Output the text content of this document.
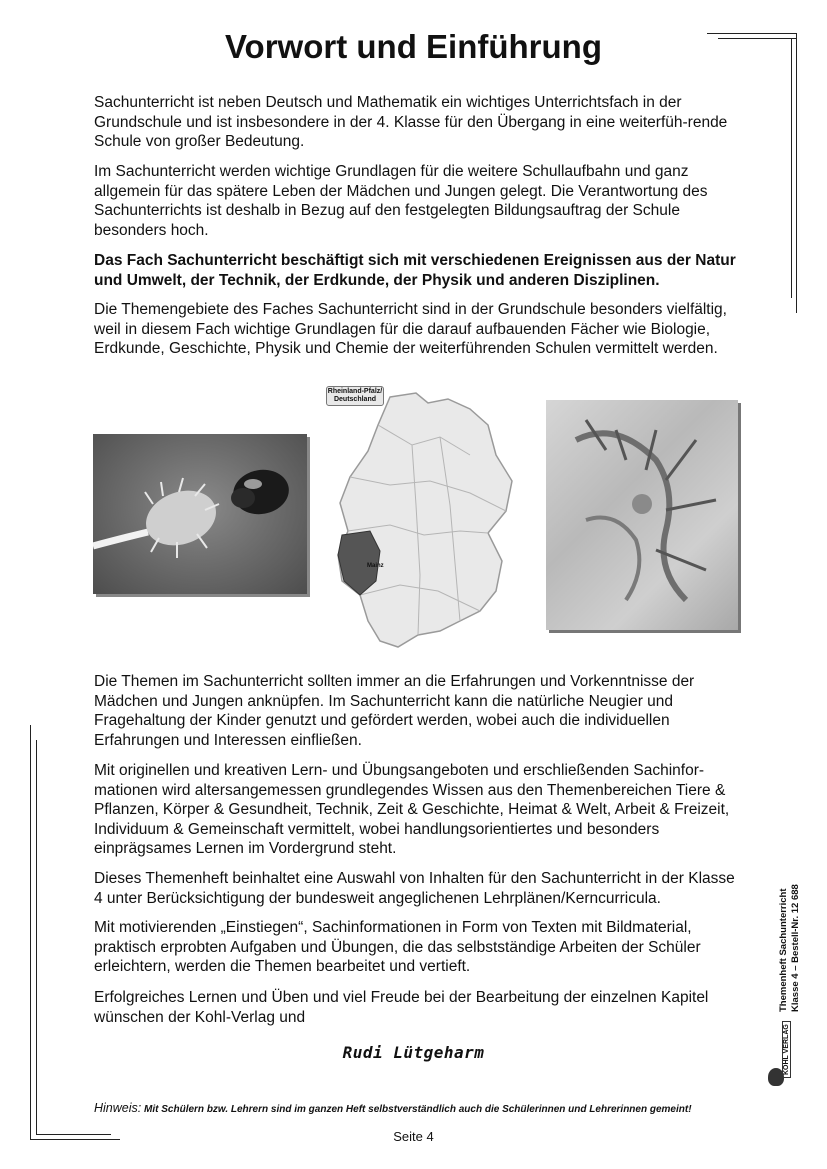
Vorwort und Einführung

Sachunterricht ist neben Deutsch und Mathematik ein wichtiges Unterrichtsfach in der Grundschule und ist insbesondere in der 4. Klasse für den Übergang in eine weiterfüh-rende Schule von großer Bedeutung.

Im Sachunterricht werden wichtige Grundlagen für die weitere Schullaufbahn und ganz allgemein für das spätere Leben der Mädchen und Jungen gelegt. Die Verantwortung des Sachunterrichts ist deshalb in Bezug auf den festgelegten Bildungsauftrag der Schule besonders hoch.

Das Fach Sachunterricht beschäftigt sich mit verschiedenen Ereignissen aus der Natur und Umwelt, der Technik, der Erdkunde, der Physik und anderen Disziplinen.

Die Themengebiete des Faches Sachunterricht sind in der Grundschule besonders vielfältig, weil in diesem Fach wichtige Grundlagen für die darauf aufbauenden Fächer wie Biologie, Erdkunde, Geschichte, Physik und Chemie der weiterführenden Schulen vermittelt werden.

Rheinland-Pfalz/ Deutschland
Mainz

Die Themen im Sachunterricht sollten immer an die Erfahrungen und Vorkenntnisse der Mädchen und Jungen anknüpfen. Im Sachunterricht kann die natürliche Neugier und Fragehaltung der Kinder genutzt und gefördert werden, wobei auch die individuellen Erfahrungen und Interessen einfließen.

Mit originellen und kreativen Lern- und Übungsangeboten und erschließenden Sachinfor-mationen wird altersangemessen grundlegendes Wissen aus den Themenbereichen Tiere & Pflanzen, Körper & Gesundheit, Technik, Zeit & Geschichte, Heimat & Welt, Arbeit & Freizeit, Individuum & Gemeinschaft vermittelt, wobei handlungsorientiertes und besonders einprägsames Lernen im Vordergrund steht.

Dieses Themenheft beinhaltet eine Auswahl von Inhalten für den Sachunterricht in der Klasse 4 unter Berücksichtigung der bundesweit angeglichenen Lehrplänen/Kerncurricula.

Mit motivierenden „Einstiegen“, Sachinformationen in Form von Texten mit Bildmaterial, praktisch erprobten Aufgaben und Übungen, die das selbstständige Arbeiten der Schüler erleichtern, werden die Themen bearbeitet und vertieft.

Erfolgreiches Lernen und Üben und viel Freude bei der Bearbeitung der einzelnen Kapitel wünschen der Kohl-Verlag und

Rudi Lütgeharm
Hinweis: Mit Schülern bzw. Lehrern sind im ganzen Heft selbstverständlich auch die Schülerinnen und Lehrerinnen gemeint!
Seite 4
Themenheft Sachunterricht Klasse 4 – Bestell-Nr. 12 688
KOHL VERLAG
